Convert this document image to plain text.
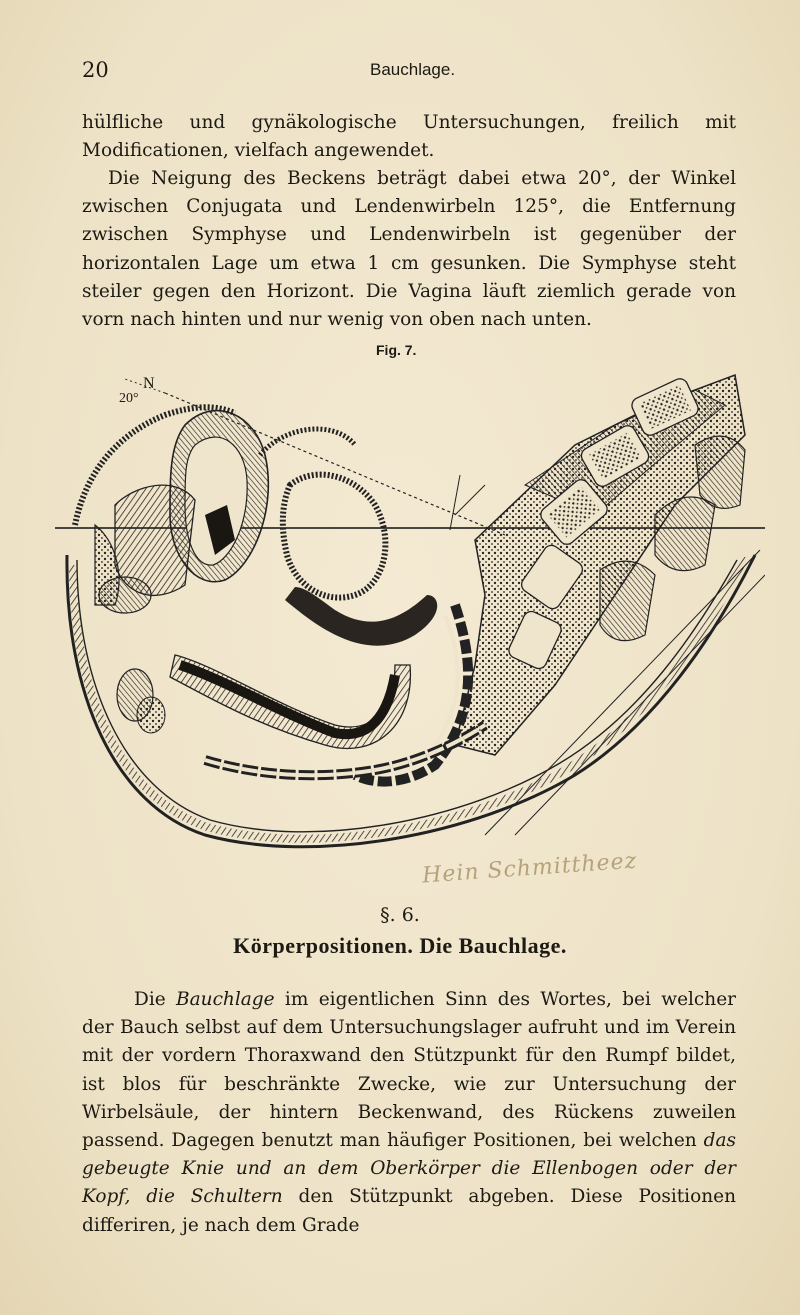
20	Bauchlage.

hülfliche und gynäkologische Untersuchungen, freilich mit Modificationen, vielfach angewendet.

Die Neigung des Beckens beträgt dabei etwa 20°, der Winkel zwischen Conjugata und Lendenwirbeln 125°, die Entfernung zwischen Symphyse und Lendenwirbeln ist gegenüber der horizontalen Lage um etwa 1 cm gesunken. Die Symphyse steht steiler gegen den Horizont. Die Vagina läuft ziemlich gerade von vorn nach hinten und nur wenig von oben nach unten.

Fig. 7.
20°
N
Hein Schmittheez
§. 6.
Körperpositionen. Die Bauchlage.

Die Bauchlage im eigentlichen Sinn des Wortes, bei welcher der Bauch selbst auf dem Untersuchungslager aufruht und im Verein mit der vordern Thoraxwand den Stützpunkt für den Rumpf bildet, ist blos für beschränkte Zwecke, wie zur Untersuchung der Wirbelsäule, der hintern Beckenwand, des Rückens zuweilen passend. Dagegen benutzt man häufiger Positionen, bei welchen das gebeugte Knie und an dem Oberkörper die Ellenbogen oder der Kopf, die Schultern den Stützpunkt abgeben. Diese Positionen differiren, je nach dem Grade
